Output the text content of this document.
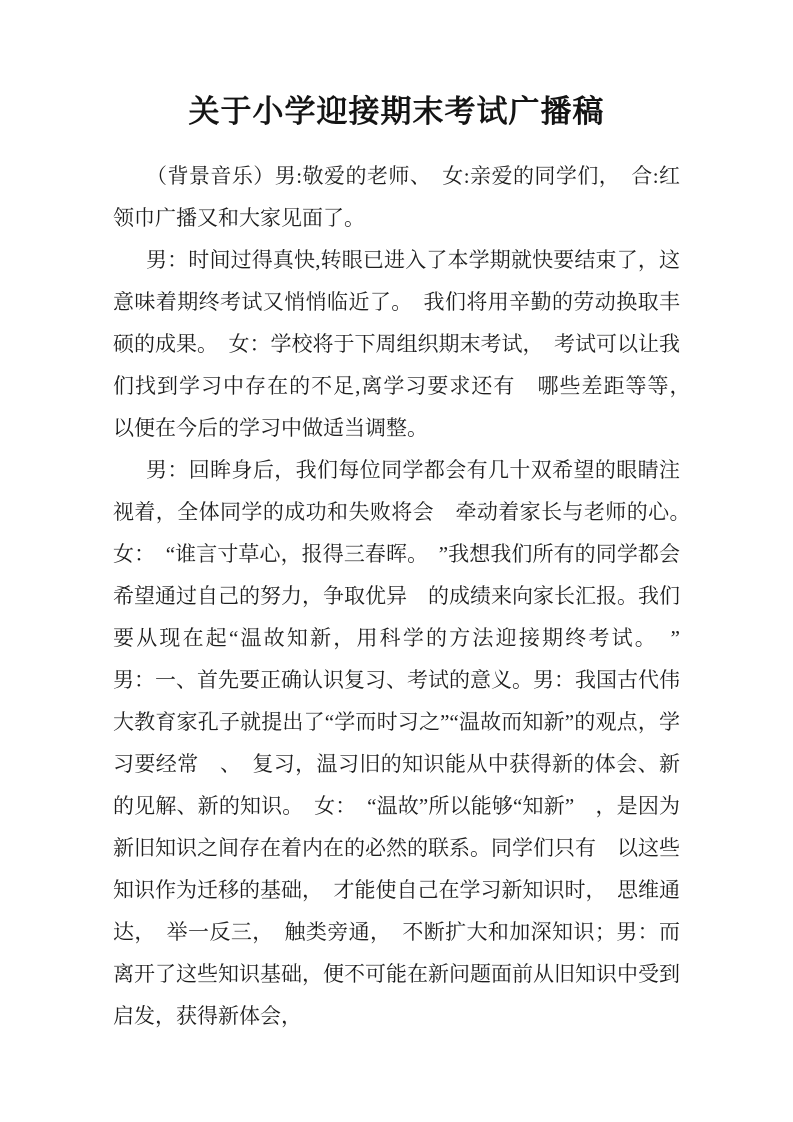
关于小学迎接期末考试广播稿

（背景音乐）男:敬爱的老师、　女:亲爱的同学们，　合:红领巾广播又和大家见面了。

男：时间过得真快,转眼已进入了本学期就快要结束了，这意味着期终考试又悄悄临近了。　我们将用辛勤的劳动换取丰硕的成果。　女：学校将于下周组织期末考试，　考试可以让我们找到学习中存在的不足,离学习要求还有　哪些差距等等，　以便在今后的学习中做适当调整。

男：回眸身后，我们每位同学都会有几十双希望的眼睛注视着，全体同学的成功和失败将会　牵动着家长与老师的心。　女：　“谁言寸草心，报得三春晖。　”我想我们所有的同学都会希望通过自己的努力，争取优异　的成绩来向家长汇报。我们要从现在起“温故知新，用科学的方法迎接期终考试。　”　男：一、首先要正确认识复习、考试的意义。男：我国古代伟大教育家孔子就提出了“学而时习之”“温故而知新”的观点，学习要经常　、　复习，温习旧的知识能从中获得新的体会、新的见解、新的知识。　女：　“温故”所以能够“知新”　，是因为新旧知识之间存在着内在的必然的联系。同学们只有　以这些知识作为迁移的基础，　才能使自己在学习新知识时，　思维通达，　举一反三，　触类旁通，　不断扩大和加深知识；男：而离开了这些知识基础，便不可能在新问题面前从旧知识中受到启发，获得新体会，
